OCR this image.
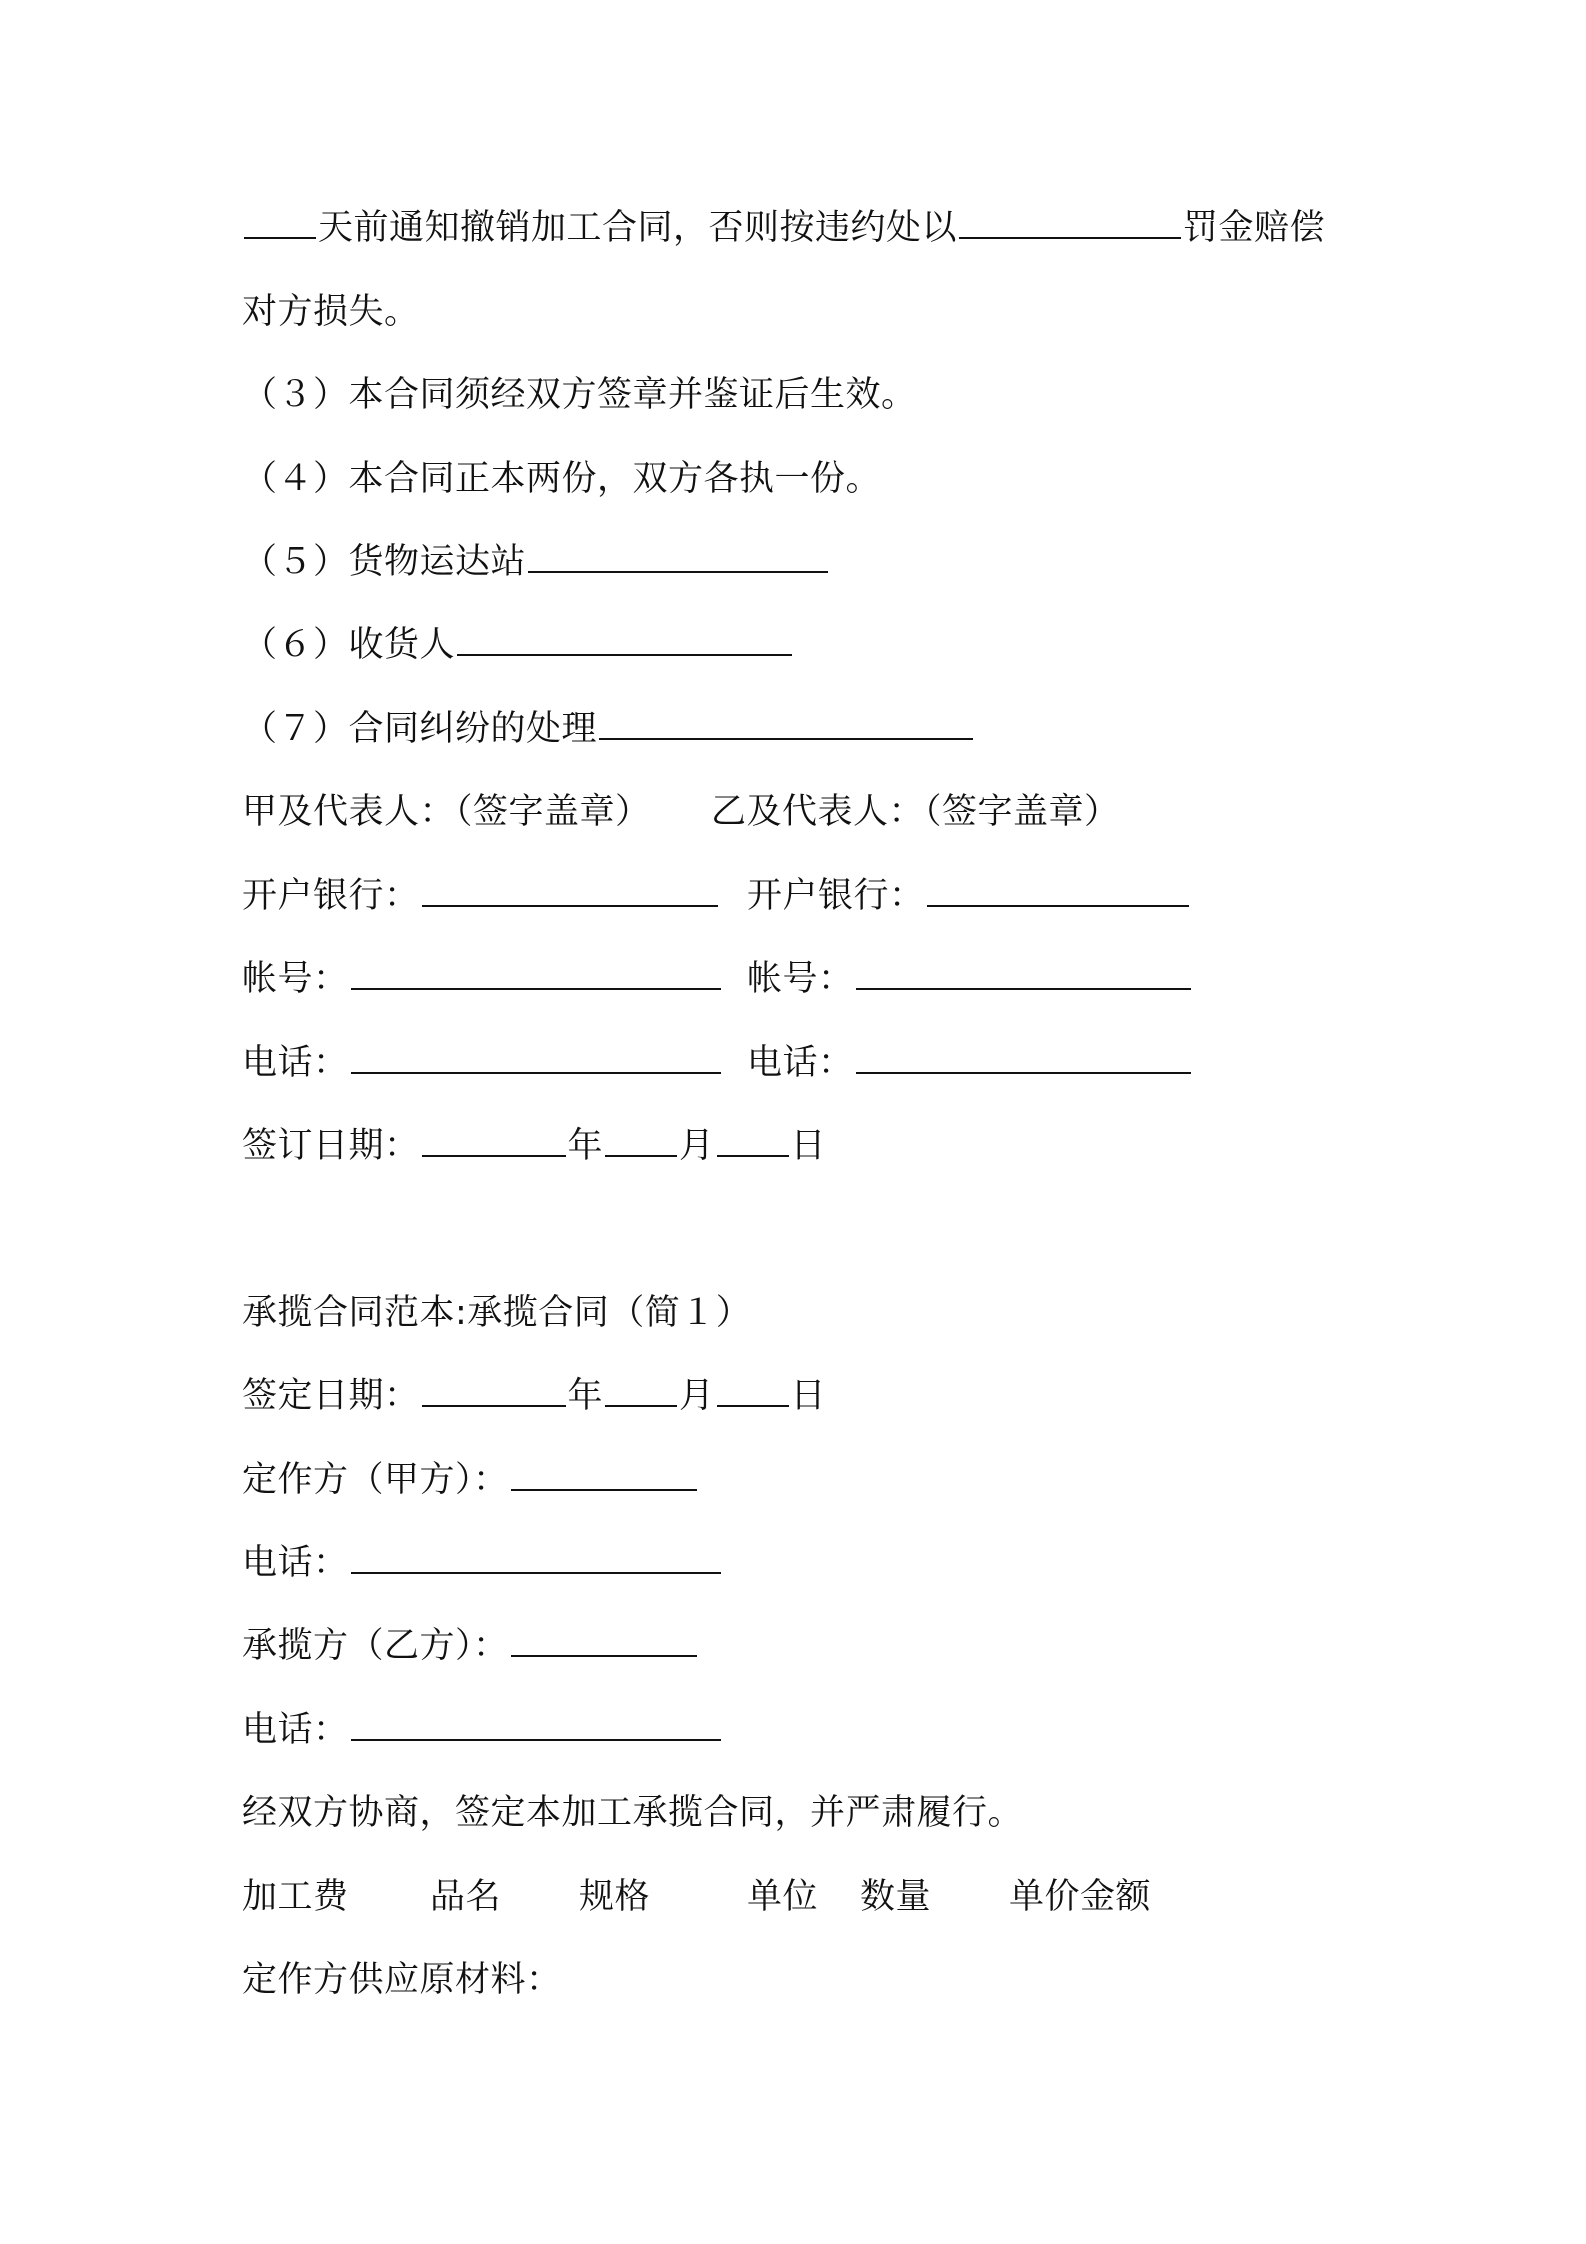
天前通知撤销加工合同，否则按违约处以	罚金赔偿
对方损失。
（３）本合同须经双方签章并鉴证后生效。
（４）本合同正本两份，双方各执一份。
（５）货物运达站
（６）收货人
（７）合同纠纷的处理
甲及代表人：（签字盖章） 乙及代表人：（签字盖章）
开户银行：	开户银行：
帐号：	帐号：
电话：	电话：
签订日期：	年 月 日
承揽合同范本:承揽合同（简１）
签定日期：	年 月 日
定作方（甲方）：
电话：
承揽方（乙方）：
电话：
经双方协商，签定本加工承揽合同，并严肃履行。
加工费 品名 规格	单位 数量 单价金额
定作方供应原材料：
